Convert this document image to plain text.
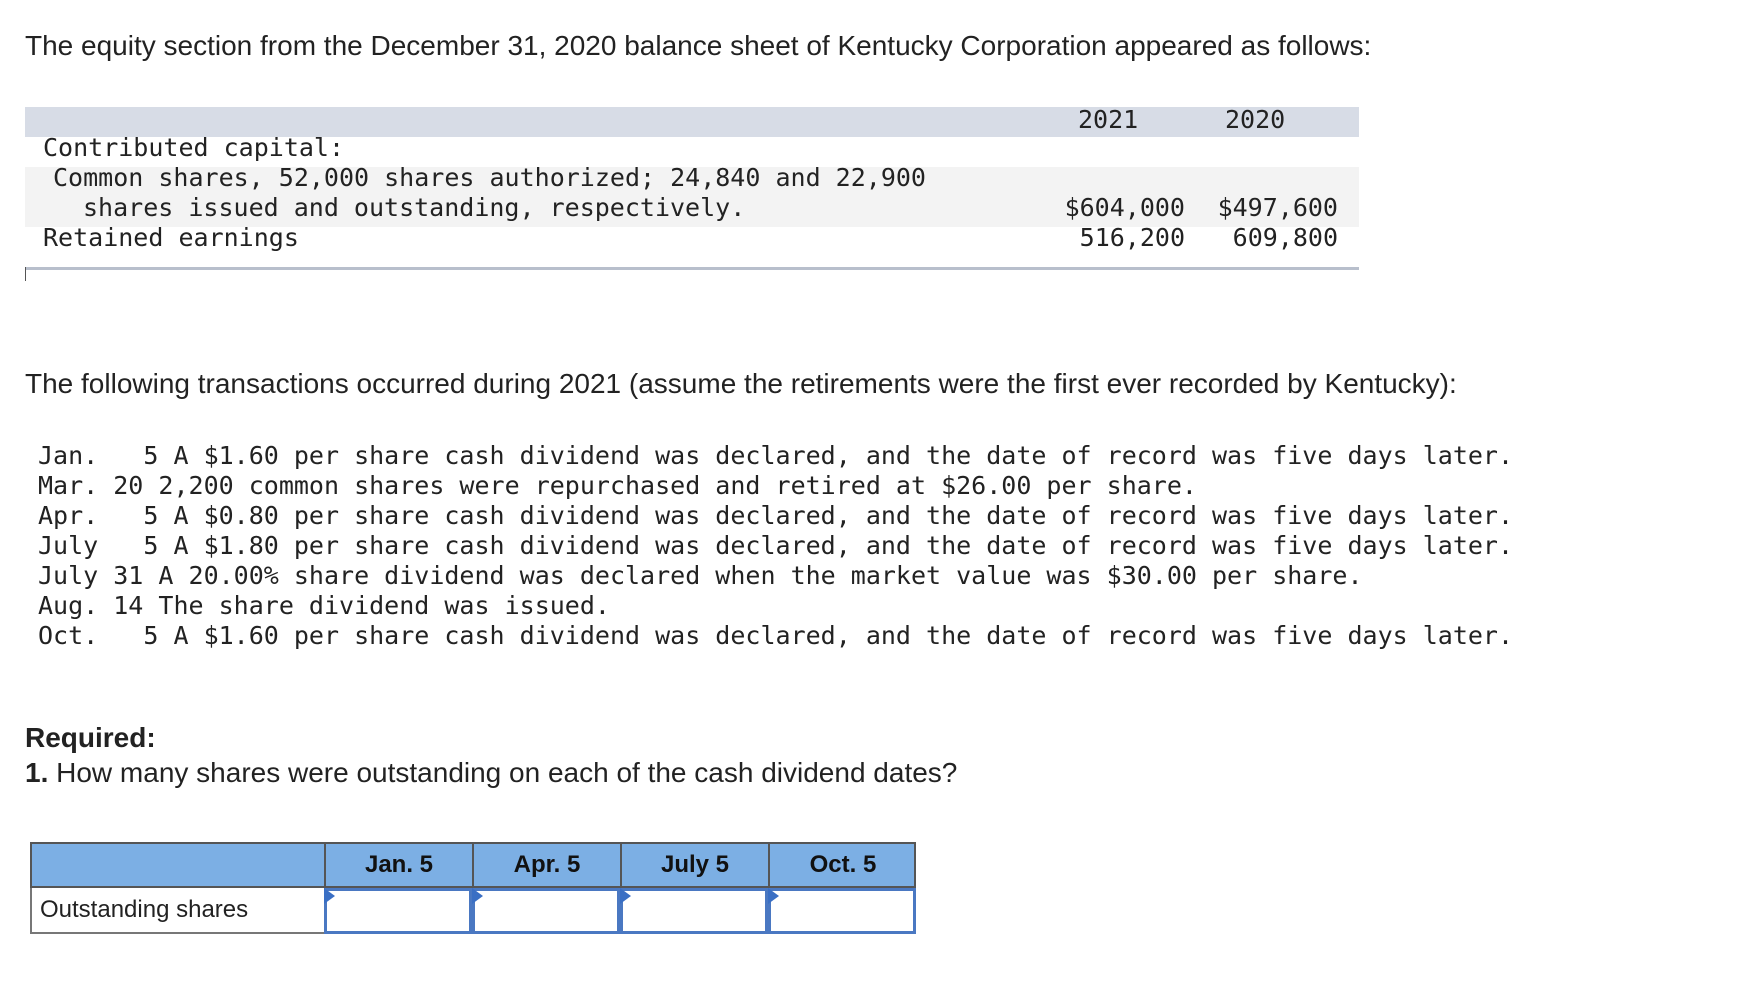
The equity section from the December 31, 2020 balance sheet of Kentucky Corporation appeared as follows:
2021	2020
Contributed capital:
Common shares, 52,000 shares authorized; 24,840 and 22,900
shares issued and outstanding, respectively.	$604,000	$497,600
Retained earnings	516,200	609,800
The following transactions occurred during 2021 (assume the retirements were the first ever recorded by Kentucky):
Jan.   5 A $1.60 per share cash dividend was declared, and the date of record was five days later.
Mar. 20 2,200 common shares were repurchased and retired at $26.00 per share.
Apr.   5 A $0.80 per share cash dividend was declared, and the date of record was five days later.
July   5 A $1.80 per share cash dividend was declared, and the date of record was five days later.
July 31 A 20.00% share dividend was declared when the market value was $30.00 per share.
Aug. 14 The share dividend was issued.
Oct.   5 A $1.60 per share cash dividend was declared, and the date of record was five days later.
Required:
1. How many shares were outstanding on each of the cash dividend dates?
Jan. 5	Apr. 5	July 5	Oct. 5
Outstanding shares
